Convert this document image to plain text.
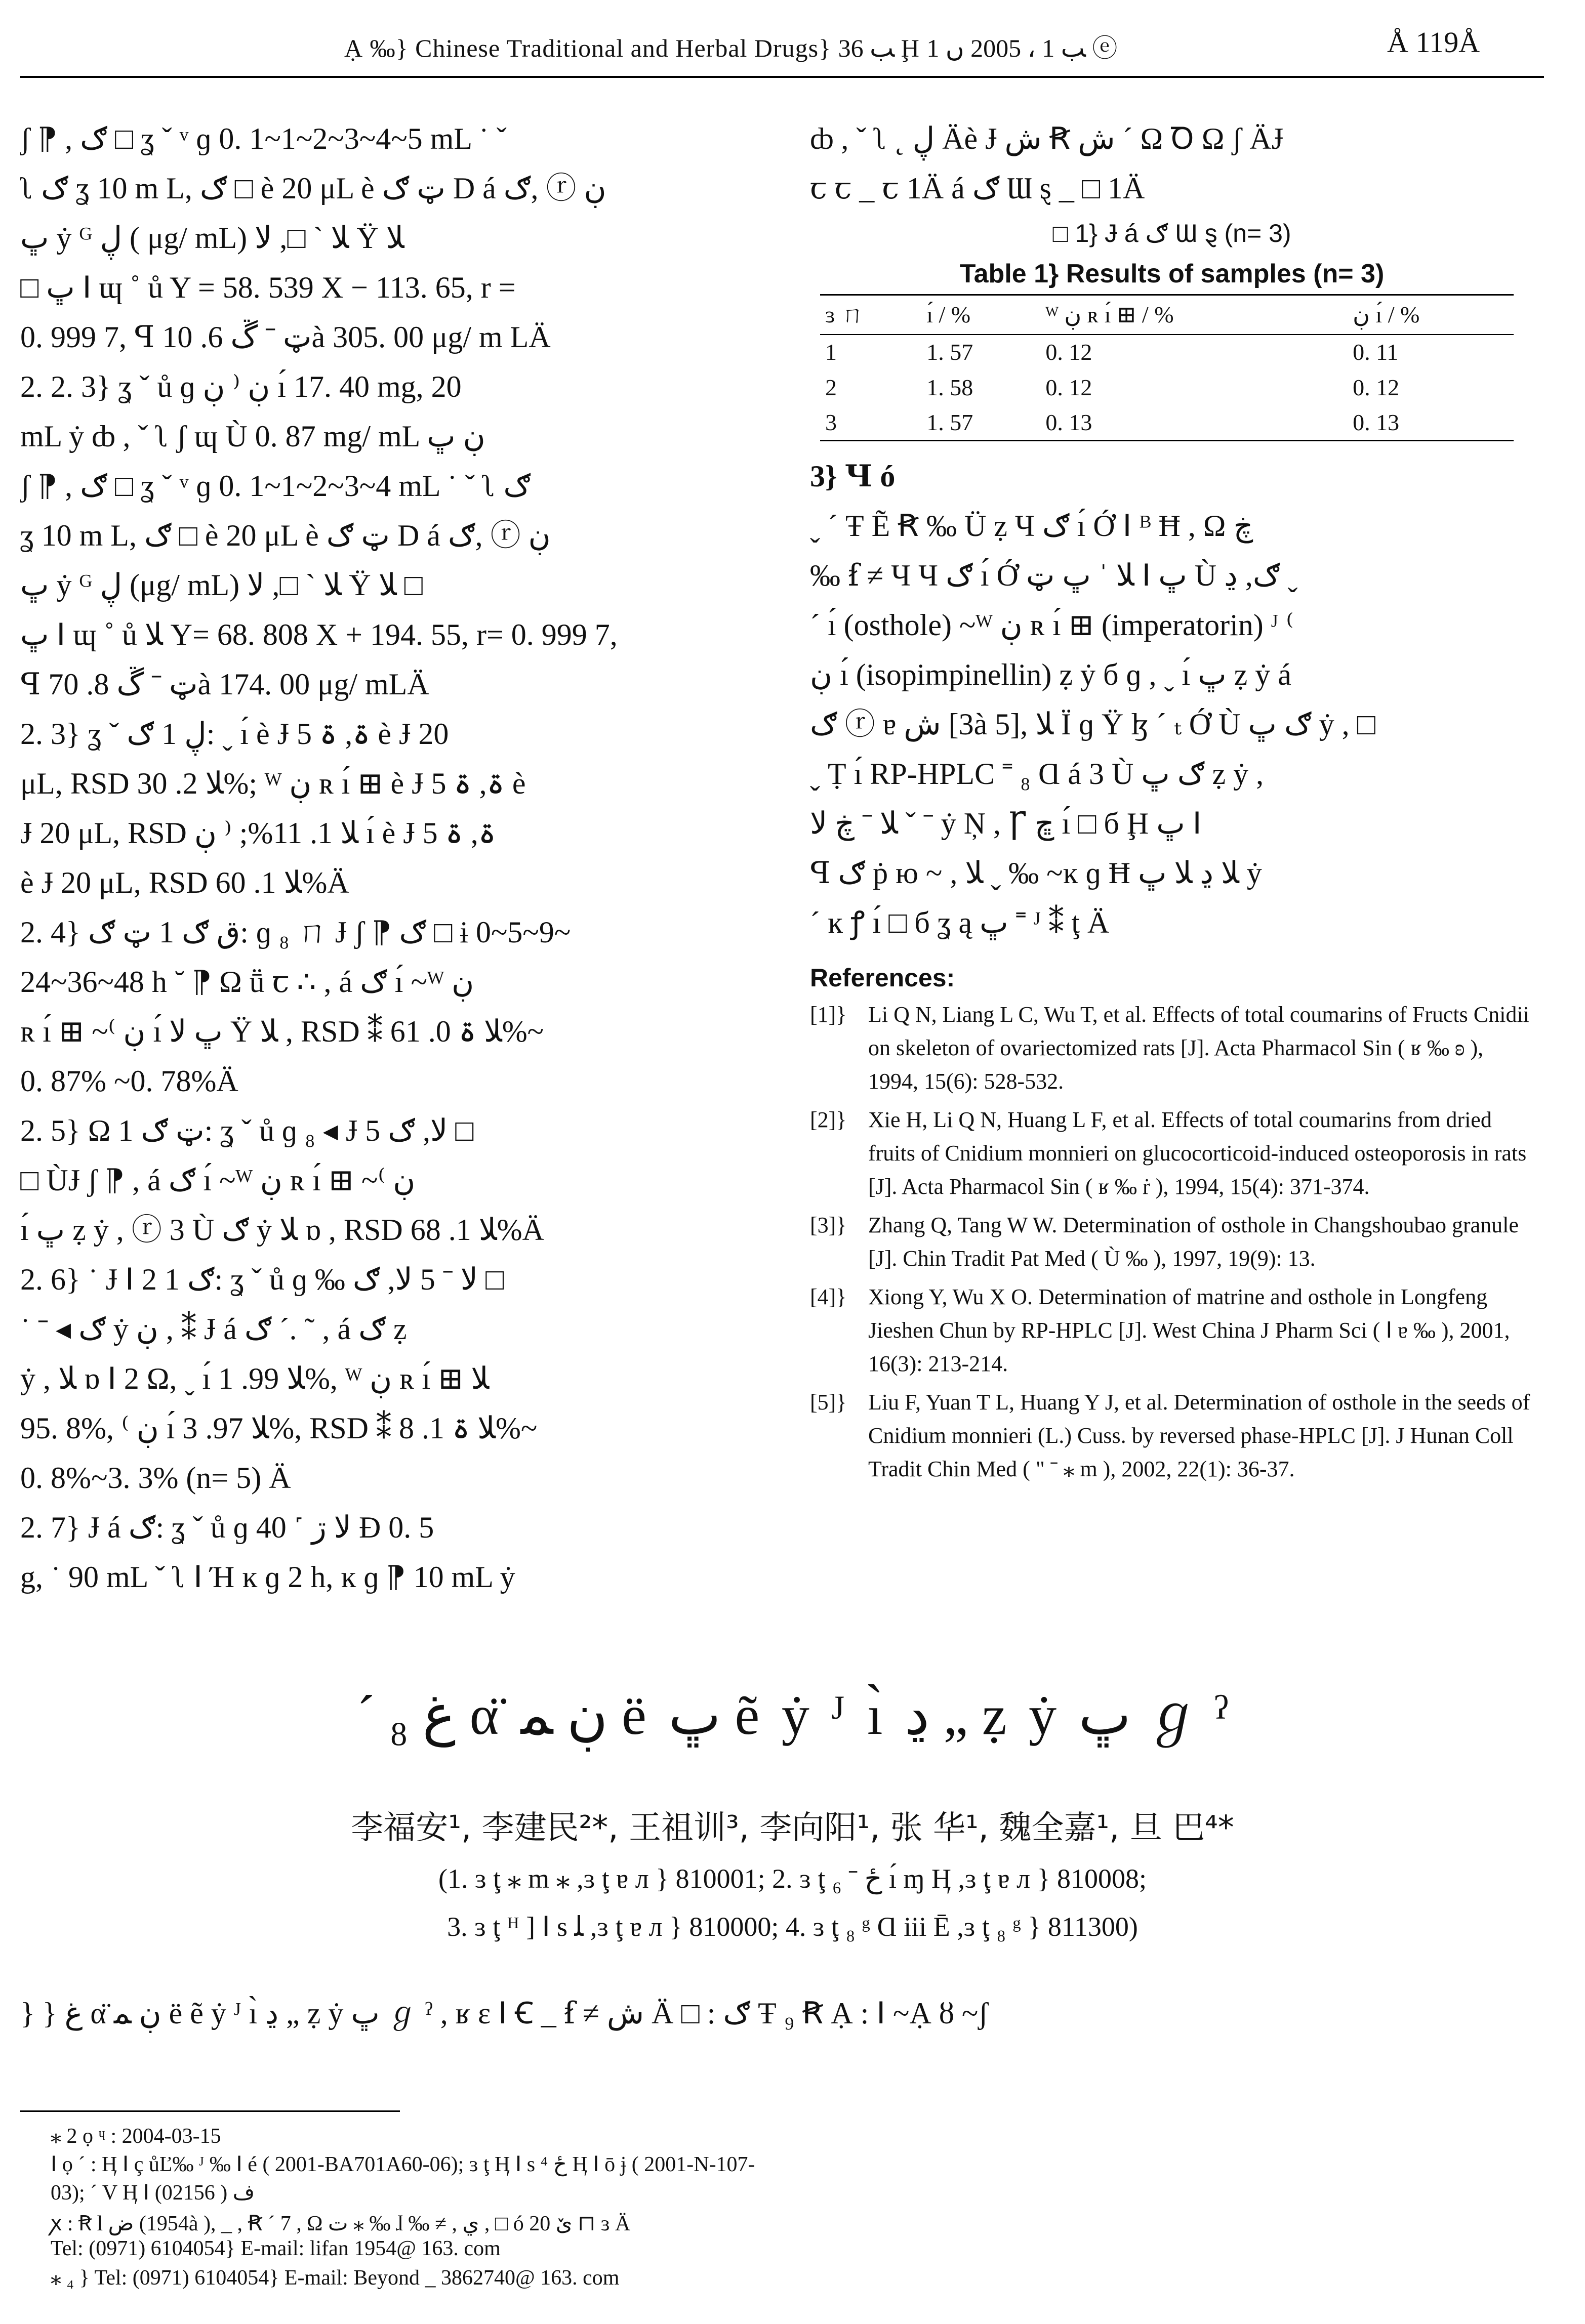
Ạ ‰} Chinese Traditional and Herbal Drugs} ﺐ 36 Ḩ ﺐ 1 ، 2005 ں 1 ⓔ	Å 119Å

ʃ ⁋ , ګ □ ʓ ˇ ᵛ ɡ 0. 1~1~2~3~4~5 mL ˙ ˇ

ʅ ګ ʓ 10 m L, ګ □ è 20 μL è ټ ګ D á ګ, ⓡ ڹ

ڀ ẏ ᴳ ڸ ( μg/ mL) ﻼ ` □, ﻻ Ÿ ﻼ

□ ڀ ꓲ ɰ ˚ ů Y = 58. 539 X − 113. 65, r =

0. 999 7, ꟼ ټ ˉ ڱ 6. 10à 305. 00 μg/ m LÄ

2. 2. 3} ʓ ˇ ů ɡ ڹ ⁽ ڹ ı́ 17. 40 mg, 20

mL ẏ ȸ , ˇ ʅ ʃ ɰ Ù 0. 87 mg/ mL ڹ ڀ

ʃ ⁋ , ګ □ ʓ ˇ ᵛ ɡ 0. 1~1~2~3~4 mL ˙ ˇ ʅ ګ

ʓ 10 m L, ګ □ è 20 μL è ټ ګ D á ګ, ⓡ ڹ

ڀ ẏ ᴳ ڸ (μg/ mL) ﻼ ` □, ﻻ Ÿ ﻼ □

ڀ ꓲ ɰ ˚ ů ﻼ Y= 68. 808 X + 194. 55, r= 0. 999 7,

ꟼ ټ ˉ ڱ 8. 70à 174. 00 μg/ mLÄ

2. 3} ʓ ˇ ڸ 1 ګ: ˬ ı́ è Ɉ 5 ۃ, ۃ è Ɉ 20

μL, RSD ﻼ 2. 30%; ᵂ ڹ ʀ ı́ ⊞ è Ɉ 5 ۃ, ۃ è

Ɉ 20 μL, RSD ﻼ 1. 11%; ⁽ ڹ ı́ è Ɉ 5 ۃ, ۃ

è Ɉ 20 μL, RSD ﻼ 1. 60%Ä

2. 4} ق ګ 1 ټ ګ: ɡ ₈ ㄇ Ɉ ʃ ⁋ ګ □ ɨ 0~5~9~

24~36~48 h ˘ ⁋ Ω ṻ ꞇ ∴ , á ګ ı́ ~ᵂ ڹ

ʀ ı́ ⊞ ~⁽ ڹ ı́ ڀ ﻻ Ÿ ﻼ , RSD ⁑ ﻼ ۃ 0. 61%~

0. 87% ~0. 78%Ä

2. 5} Ω 1 ټ ګ: ʓ ˇ ů ɡ ₈ ◂ Ɉ 5 ﻻ, ګ □

□ ÙɈ ʃ ⁋ , á ګ ı́ ~ᵂ ڹ ʀ ı́ ⊞ ~⁽ ڹ

ı́ ڀ ẓ ẏ , ⓡ 3 Ù ګ ẏ ﻼ ɒ , RSD ﻼ 1. 68%Ä

2. 6} ˙ Ɉ ꓲ 2 1 ګ: ʓ ˇ ů ɡ ‰ ﻻ ˉ 5 ﻻ, ګ □

˙ ˉ ◂ ګ ẏ ڹ , ⁑ Ɉ á ګ ˊ. ˜ , á ګ ẓ

ẏ , ﻼ ɒ ꓲ 2 Ω, ˬ ı́ ﻼ 99. 1%, ᵂ ڹ ʀ ı́ ⊞ ﻼ

95. 8%, ⁽ ڹ ı́ ﻼ 97. 3%, RSD ⁑ ﻼ ۃ 1. 8%~

0. 8%~3. 3% (n= 5) Ä

2. 7} Ɉ á ګ: ʓ ˇ ů ɡ 40 ˹ ﻻ ڗ Ð 0. 5

g, ˙ 90 mL ˇ ʅ ꓲ Ή ĸ ɡ 2 h, ĸ ɡ ⁋ 10 mL ẏ

ȸ , ˇ ʅ ˛ ڸ Äè Ɉ ش Ꞧ ش ˊ Ω Ꝺ Ω ʃ ÄɈ

ꞇ ꞇ _ ꞇ 1Ä á ګ Ɯ ȿ _ □ 1Ä

□ 1} Ɉ á ګ Ɯ ȿ (n= 3)
Table 1} Results of samples (n= 3)
ɜ ㄇ	ı́ / %	ᵂ ڹ ʀ ı́ ⊞ / %	ڹ ı́ / %
1	1. 57	0. 12	0. 11
2	1. 58	0. 12	0. 12
3	1. 57	0. 13	0. 13
3} Ɥ ó

ˬ ˊ Ŧ Ẽ Ꞧ ‰ Ü ẓ Ч ګ ı́ Ớ ꓲ ᴮ Ħ , Ω ڿ

‰ ẜ ≠ Ч Ч ګ ı́ Ớ ﻼ ˈ ڀ ټ ꓲ ڀ Ù ګ, ڍ ˬ

ˊ ı́ (osthole) ~ᵂ ڹ ʀ ı́ ⊞ (imperatorin) ᴶ ⁽

ڹ ı́ (isopimpinellin) ẓ ẏ б ɡ , ˬ ı́ ڀ ẓ ẏ á

ګ ⓡ ɐ ش [3à 5], ﻼ Ï ɡ Ÿ ɮ ˊ ₜ Ớ Ù ګ ڀ ẏ , □

ˬ Ṭ ı́ RP-HPLC ˭ ₈ Ɑ á 3 Ù ګ ڀ ẓ ẏ ,

ﻼ ˉ ڿ ﻻ ˇ ˉ ẏ Ņ , Ꞅ ڇ ı́ □ б Ḩ ڀ ꓲ

ꟼ ګ ṗ ю ~ , ﻼ ˬ ‰ ~ĸ ɡ Ħ ﻼ ڍ ﻼ ڀ ẏ

ˊ ĸ ꝭ ı́ □ б ʓ ą ڀ ˭ ᴶ ⁑ ţ Ä

References:
[1]} Li Q N, Liang L C, Wu T, et al. Effects of total coumarins of Fructs Cnidii on skeleton of ovariectomized rats [J]. Acta Pharmacol Sin ( ʁ ‰ ʚ ), 1994, 15(6): 528-532.
[2]} Xie H, Li Q N, Huang L F, et al. Effects of total coumarins from dried fruits of Cnidium monnieri on glucocorticoid-induced osteoporosis in rats [J]. Acta Pharmacol Sin ( ʁ ‰ ṙ ), 1994, 15(4): 371-374.
[3]} Zhang Q, Tang W W. Determination of osthole in Changshoubao granule [J]. Chin Tradit Pat Med ( Ù ‰ ), 1997, 19(9): 13.
[4]} Xiong Y, Wu X O. Determination of matrine and osthole in Longfeng Jieshen Chun by RP-HPLC [J]. West China J Pharm Sci ( ꓲ ɐ ‰ ), 2001, 16(3): 213-214.
[5]} Liu F, Yuan T L, Huang Y J, et al. Determination of osthole in the seeds of Cnidium monnieri (L.) Cuss. by reversed phase-HPLC [J]. J Hunan Coll Tradit Chin Med ( " ˉ ⁎ m ), 2002, 22(1): 36-37.
ˊ ₈ ﻍ α̈ ڹ ﻤ ë ڀ ẽ ẏ ᴶ ı̀ ڍ „ ẓ ẏ ڀ ℊ ˀ
李福安¹, 李建民²*, 王祖训³, 李向阳¹, 张 华¹, 魏全嘉¹, 旦 巴⁴*
(1. ɜ ţ ⁎ m ⁎ ,ɜ ţ ɐ л } 810001; 2. ɜ ţ ₆ ˉ ځ ı́ ɱ Ӊ ,ɜ ţ ɐ л } 810008;
3. ɜ ţ ᴴ ] ꓲ s ﻠ ,ɜ ţ ɐ л } 810000; 4. ɜ ţ ₈ ᵍ Ɑ iii Ē ,ɜ ţ ₈ ᵍ } 811300)
} } ﻍ α̈ ڹ ﻤ ë ẽ ẏ ᴶ ı̀ ڍ „ ẓ ẏ ڀ ℊ ˀ , ʁ ɛ ꓲ Ꞓ _ ẜ ≠ ش Ä □ : ګ Ŧ ₉ Ꞧ Ạ : ꓲ ~Ạ ȣ ~ʃ
⁎ 2 ọ ᶣ : 2004-03-15
ꓲ ọ ˊ : Ӊ ꓲ ç ůĽ‰ ᴶ ‰ ꓲ é ( 2001-BA701A60-06); ɜ ţ Ӊ ꓲ s ⁴ ځ Ӊ ꓲ ō ɉ ( 2001-N-107-
03); ˊ V Ӊ ꓲ ف ( 02156)
ꭗ : Ꞧ l ض (1954à ), _ , Ꞧ ˊ 7 , Ω ت ⁎ ‰ ɺ ‰ ≠ , ي , □ ó ێ 20 ⊓ ɜ Ä
Tel: (0971) 6104054} E-mail: lifan 1954@ 163. com
⁎ ₄ } Tel: (0971) 6104054} E-mail: Beyond _ 3862740@ 163. com
